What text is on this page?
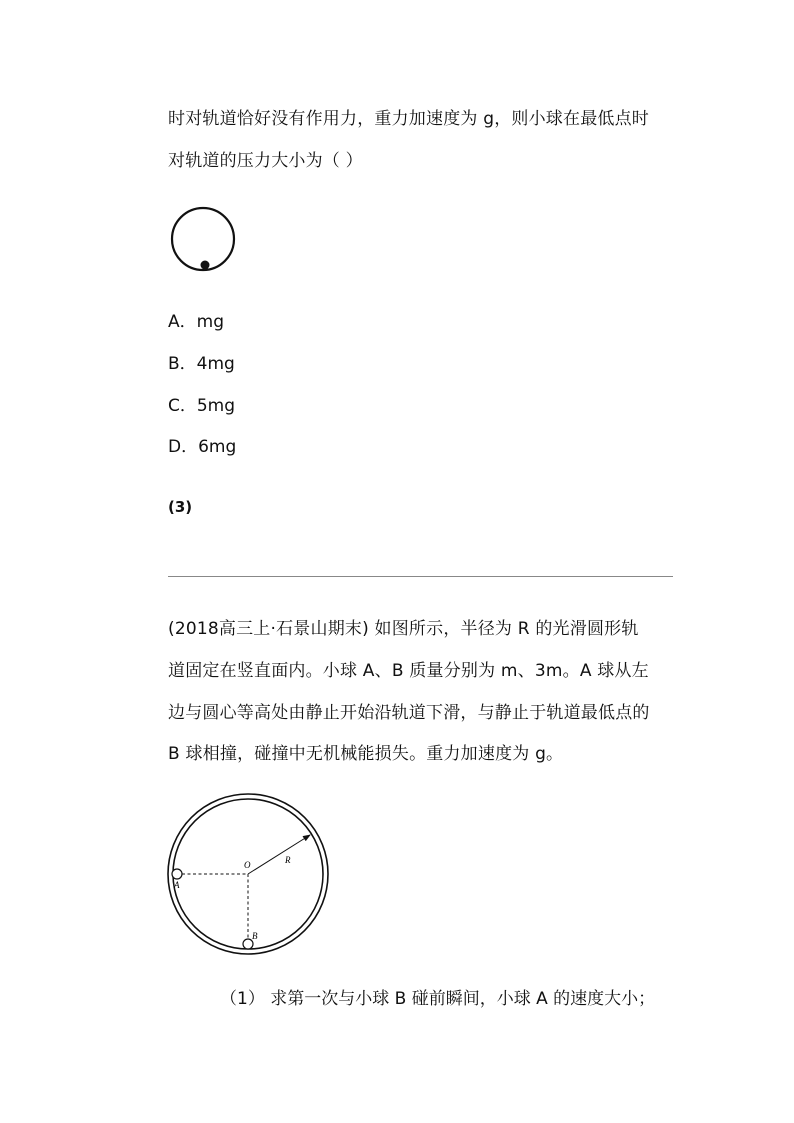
时对轨道恰好没有作用力，重力加速度为 g，则小球在最低点时
对轨道的压力大小为（ ）
A．mg
B．4mg
C．5mg
D．6mg
(3)
(2018高三上·石景山期末) 如图所示，半径为 R 的光滑圆形轨
道固定在竖直面内。小球 A、B 质量分别为 m、3m。A 球从左
边与圆心等高处由静止开始沿轨道下滑，与静止于轨道最低点的
B 球相撞，碰撞中无机械能损失。重力加速度为 g。
O	R
A
B
（1） 求第一次与小球 B 碰前瞬间，小球 A 的速度大小；
